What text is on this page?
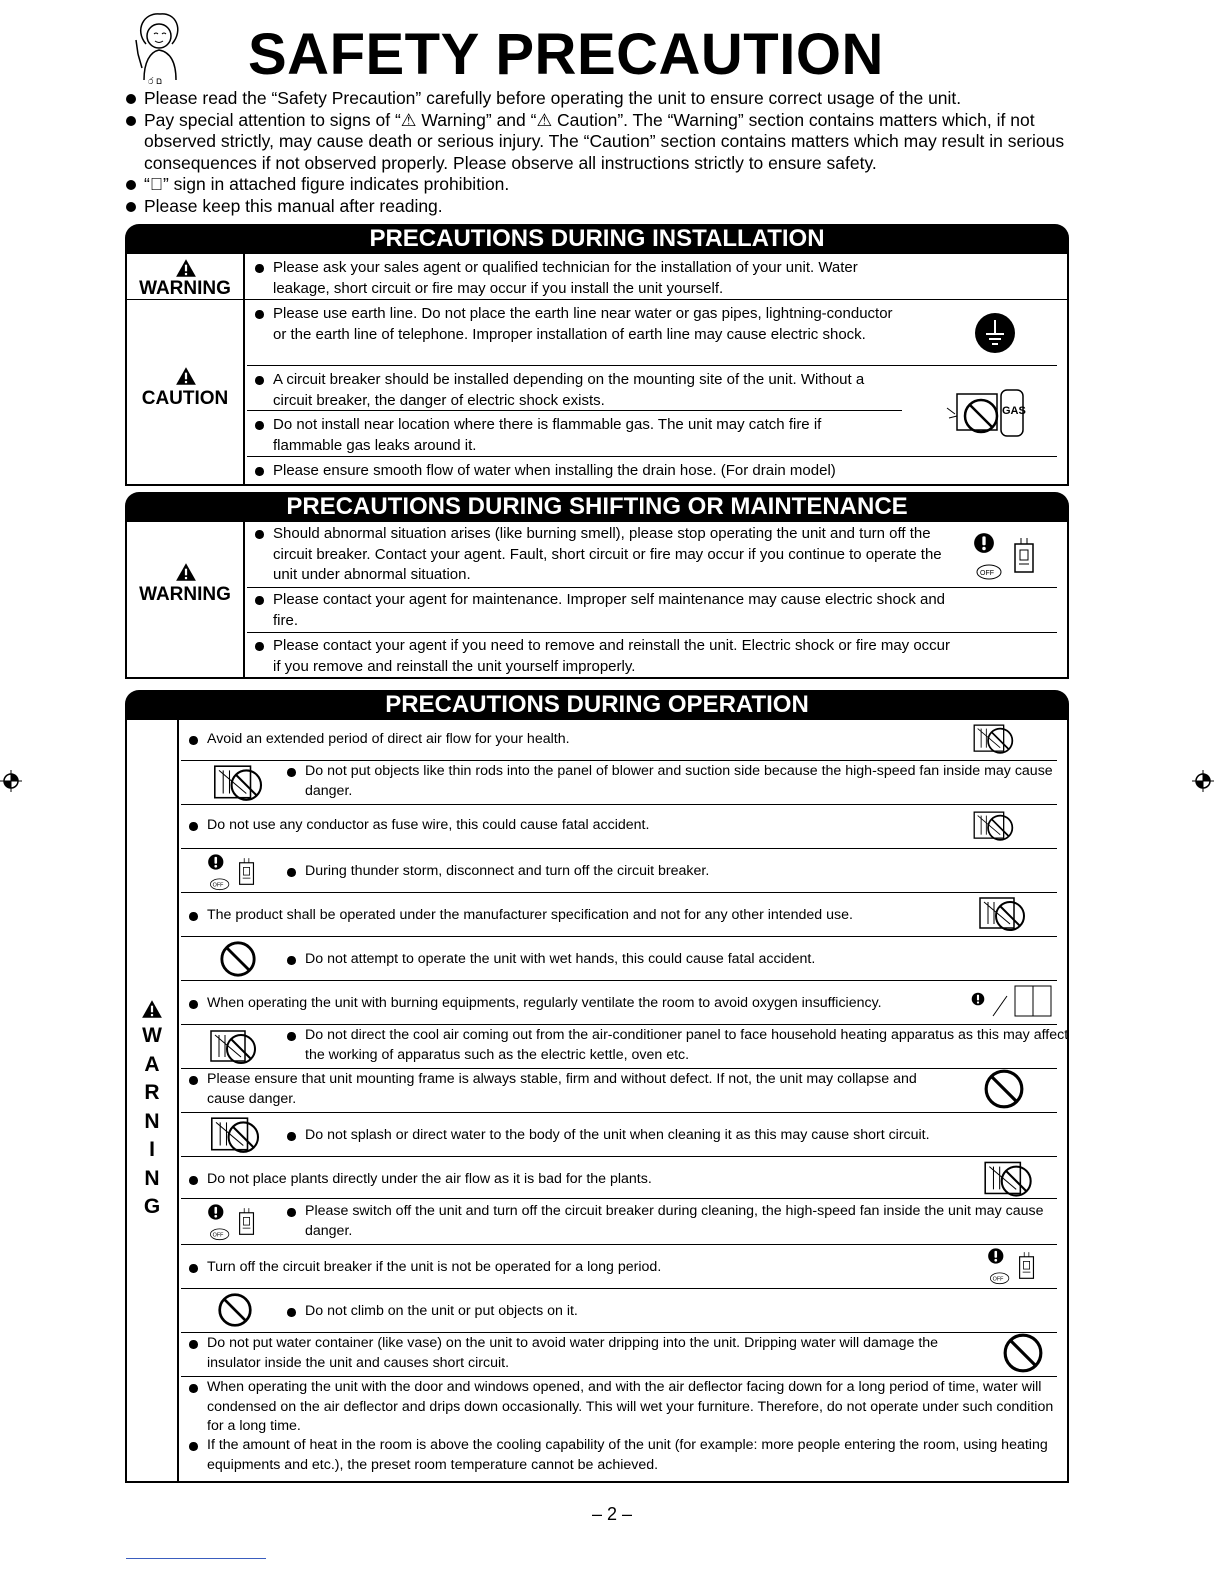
ර ם SAFETY PRECAUTION
Please read the “Safety Precaution” carefully before operating the unit to ensure correct usage of the unit.
Pay special attention to signs of “⚠ Warning” and “⚠ Caution”. The “Warning” section contains matters which, if not observed strictly, may cause death or serious injury. The “Caution” section contains matters which may result in serious consequences if not observed properly. Please observe all instructions strictly to ensure safety.
“⃠” sign in attached figure indicates prohibition.
Please keep this manual after reading.
PRECAUTIONS DURING INSTALLATION
WARNING
CAUTION
Please ask your sales agent or qualified technician for the installation of your unit. Water leakage, short circuit or fire may occur if you install the unit yourself.
Please use earth line. Do not place the earth line near water or gas pipes, lightning-conductor or the earth line of telephone. Improper installation of earth line may cause electric shock.
A circuit breaker should be installed depending on the mounting site of the unit. Without a circuit breaker, the danger of electric shock exists.
Do not install near location where there is flammable gas. The unit may catch fire if flammable gas leaks around it.
Please ensure smooth flow of water when installing the drain hose. (For drain model)
GAS
PRECAUTIONS DURING SHIFTING OR MAINTENANCE
WARNING
Should abnormal situation arises (like burning smell), please stop operating the unit and turn off the circuit breaker. Contact your agent. Fault, short circuit or fire may occur if you continue to operate the unit under abnormal situation.
Please contact your agent for maintenance. Improper self maintenance may cause electric shock and fire.
Please contact your agent if you need to remove and reinstall the unit. Electric shock or fire may occur if you remove and reinstall the unit yourself improperly.
OFF
PRECAUTIONS DURING OPERATION
W
A
R
N
I
N
G
Avoid an extended period of direct air flow for your health.
Do not put objects like thin rods into the panel of blower and suction side because the high-speed fan inside may cause danger.
Do not use any conductor as fuse wire, this could cause fatal accident.
OFF
During thunder storm, disconnect and turn off the circuit breaker.
The product shall be operated under the manufacturer specification and not for any other intended use.
Do not attempt to operate the unit with wet hands, this could cause fatal accident.
When operating the unit with burning equipments, regularly ventilate the room to avoid oxygen insufficiency.
Do not direct the cool air coming out from the air-conditioner panel to face household heating apparatus as this may affect the working of apparatus such as the electric kettle, oven etc.
Please ensure that unit mounting frame is always stable, firm and without defect. If not, the unit may collapse and cause danger.
Do not splash or direct water to the body of the unit when cleaning it as this may cause short circuit.
Do not place plants directly under the air flow as it is bad for the plants.
OFF
Please switch off the unit and turn off the circuit breaker during cleaning, the high-speed fan inside the unit may cause danger.
Turn off the circuit breaker if the unit is not be operated for a long period.
OFF
Do not climb on the unit or put objects on it.
Do not put water container (like vase) on the unit to avoid water dripping into the unit. Dripping water will damage the insulator inside the unit and causes short circuit.
When operating the unit with the door and windows opened, and with the air deflector facing down for a long period of time, water will condensed on the air deflector and drips down occasionally. This will wet your furniture. Therefore, do not operate under such condition for a long time.
If the amount of heat in the room is above the cooling capability of the unit (for example: more people entering the room, using heating equipments and etc.), the preset room temperature cannot be achieved.
– 2 –
